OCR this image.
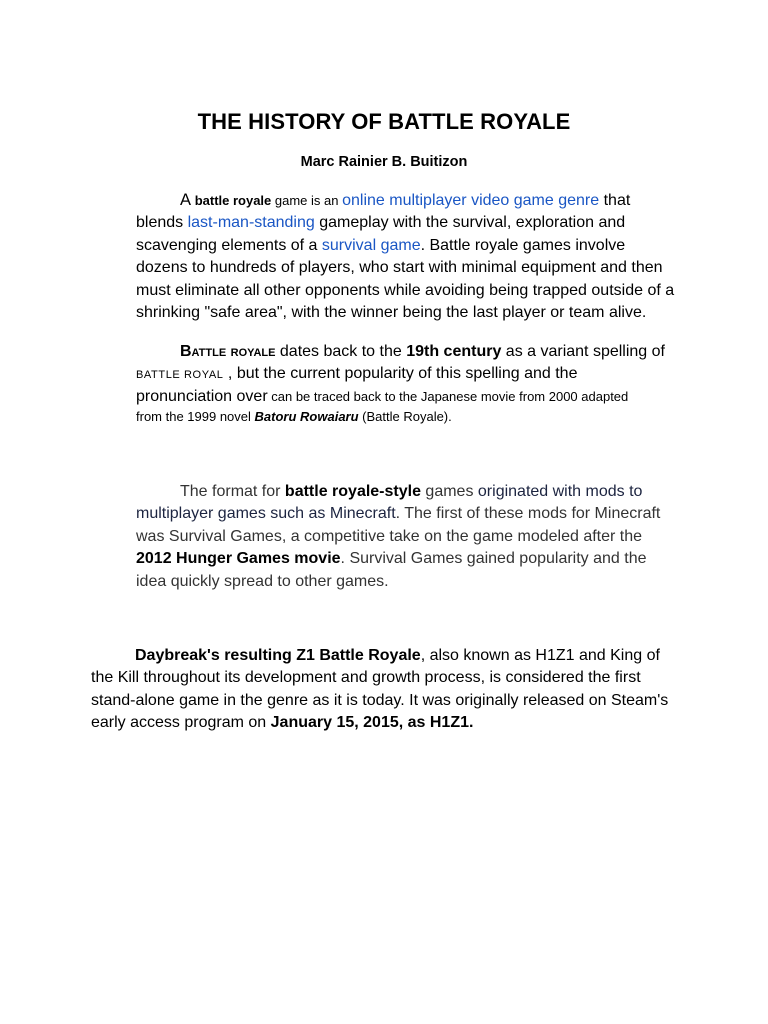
THE HISTORY OF BATTLE ROYALE
Marc Rainier B. Buitizon

A battle royale game is an online multiplayer video game genre that blends last-man-standing gameplay with the survival, exploration and scavenging elements of a survival game. Battle royale games involve dozens to hundreds of players, who start with minimal equipment and then must eliminate all other opponents while avoiding being trapped outside of a shrinking "safe area", with the winner being the last player or team alive.

Battle royale dates back to the 19th century as a variant spelling of
BATTLE ROYAL , but the current popularity of this spelling and the
pronunciation over can be traced back to the Japanese movie from 2000 adapted
from the 1999 novel Batoru Rowaiaru (Battle Royale).

The format for battle royale-style games originated with mods to multiplayer games such as Minecraft. The first of these mods for Minecraft was Survival Games, a competitive take on the game modeled after the 2012 Hunger Games movie. Survival Games gained popularity and the idea quickly spread to other games.

Daybreak's resulting Z1 Battle Royale, also known as H1Z1 and King of the Kill throughout its development and growth process, is considered the first stand-alone game in the genre as it is today. It was originally released on Steam's early access program on January 15, 2015, as H1Z1.
